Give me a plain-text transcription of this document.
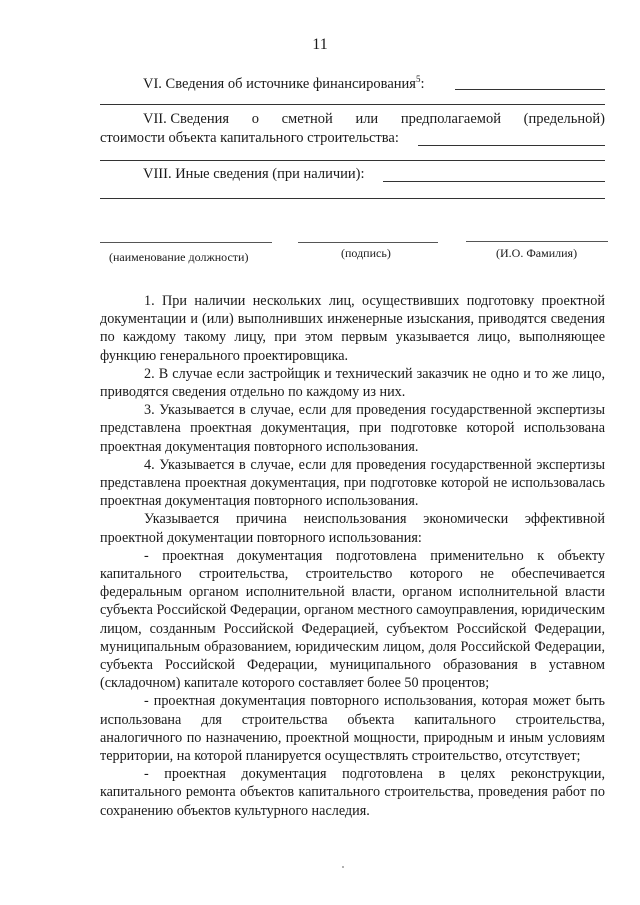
11
VI. Сведения об источнике финансирования$^5$:
VII. Сведения о сметной или предполагаемой (предельной)
стоимости объекта капитального строительства:
VIII. Иные сведения (при наличии):
(наименование должности)	(подпись)	(И.О. Фамилия)

1. При наличии нескольких лиц, осуществивших подготовку проектной документации и (или) выполнивших инженерные изыскания, приводятся сведения по каждому такому лицу, при этом первым указывается лицо, выполняющее функцию генерального проектировщика.

2. В случае если застройщик и технический заказчик не одно и то же лицо, приводятся сведения отдельно по каждому из них.

3. Указывается в случае, если для проведения государственной экспертизы представлена проектная документация, при подготовке которой использована проектная документация повторного использования.

4. Указывается в случае, если для проведения государственной экспертизы представлена проектная документация, при подготовке которой не использовалась проектная документация повторного использования.

Указывается причина неиспользования экономически эффективной проектной документации повторного использования:

- проектная документация подготовлена применительно к объекту капитального строительства, строительство которого не обеспечивается федеральным органом исполнительной власти, органом исполнительной власти субъекта Российской Федерации, органом местного самоуправления, юридическим лицом, созданным Российской Федерацией, субъектом Российской Федерации, муниципальным образованием, юридическим лицом, доля Российской Федерации, субъекта Российской Федерации, муниципального образования в уставном (складочном) капитале которого составляет более 50 процентов;

- проектная документация повторного использования, которая может быть использована для строительства объекта капитального строительства, аналогичного по назначению, проектной мощности, природным и иным условиям территории, на которой планируется осуществлять строительство, отсутствует;

- проектная документация подготовлена в целях реконструкции, капитального ремонта объектов капитального строительства, проведения работ по сохранению объектов культурного наследия.
